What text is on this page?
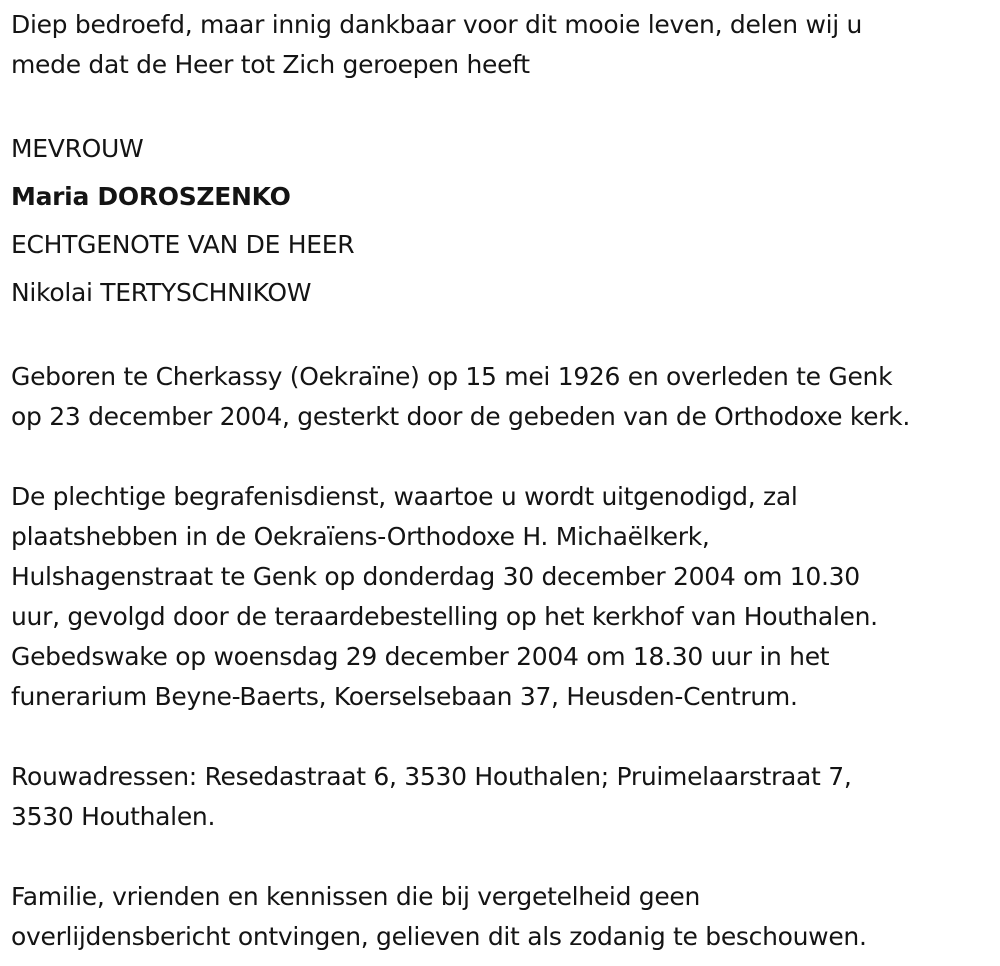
Diep bedroefd, maar innig dankbaar voor dit mooie leven, delen wij u
mede dat de Heer tot Zich geroepen heeft
MEVROUW
Maria DOROSZENKO
ECHTGENOTE VAN DE HEER
Nikolai TERTYSCHNIKOW
Geboren te Cherkassy (Oekraïne) op 15 mei 1926 en overleden te Genk
op 23 december 2004, gesterkt door de gebeden van de Orthodoxe kerk.
De plechtige begrafenisdienst, waartoe u wordt uitgenodigd, zal
plaatshebben in de Oekraïens-Orthodoxe H. Michaëlkerk,
Hulshagenstraat te Genk op donderdag 30 december 2004 om 10.30
uur, gevolgd door de teraardebestelling op het kerkhof van Houthalen.
Gebedswake op woensdag 29 december 2004 om 18.30 uur in het
funerarium Beyne-Baerts, Koerselsebaan 37, Heusden-Centrum.
Rouwadressen: Resedastraat 6, 3530 Houthalen; Pruimelaarstraat 7,
3530 Houthalen.
Familie, vrienden en kennissen die bij vergetelheid geen
overlijdensbericht ontvingen, gelieven dit als zodanig te beschouwen.
